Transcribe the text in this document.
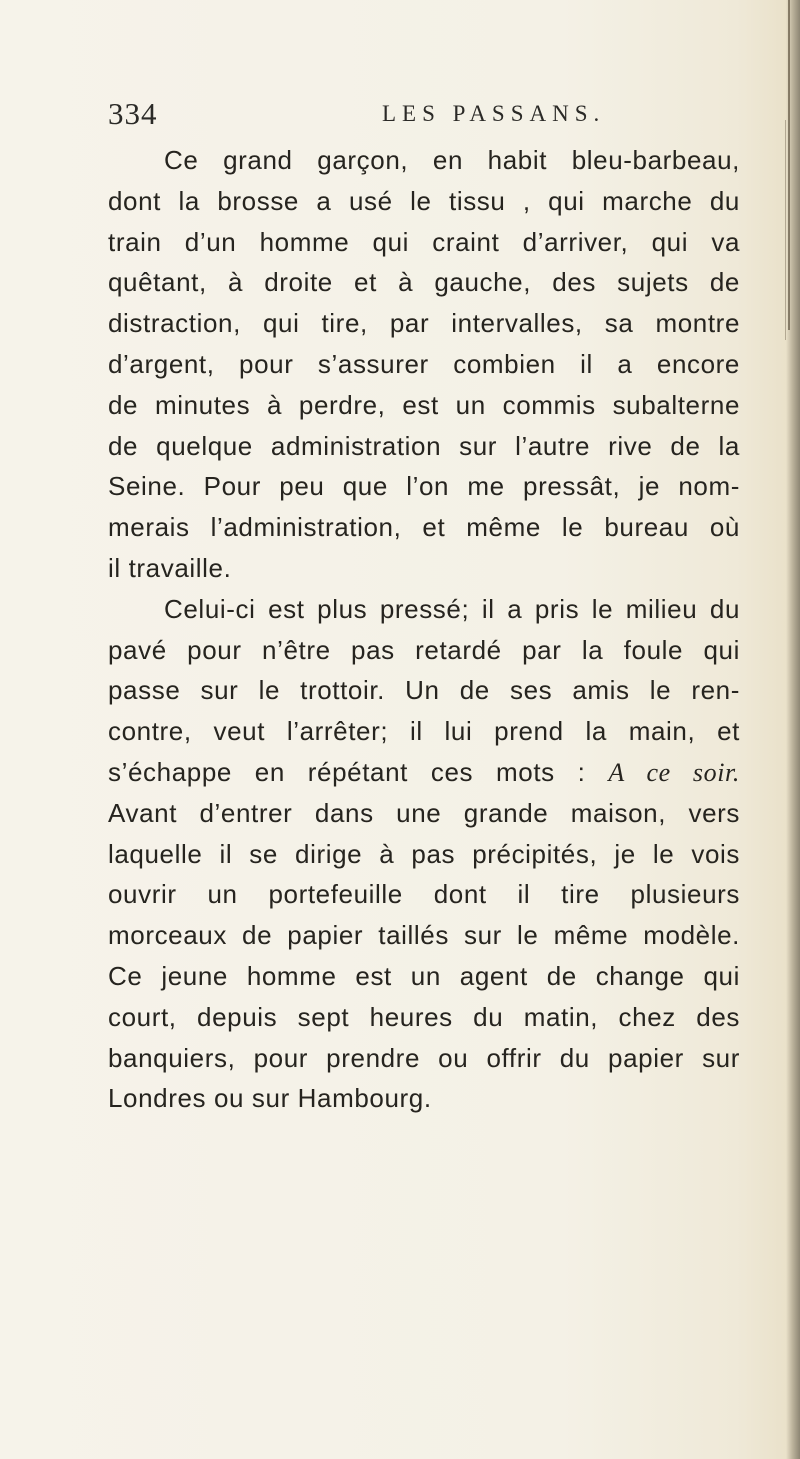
334	LES PASSANS.
Ce grand garçon, en habit bleu-barbeau,
dont la brosse a usé le tissu , qui marche du
train d’un homme qui craint d’arriver, qui va
quêtant, à droite et à gauche, des sujets de
distraction, qui tire, par intervalles, sa montre
d’argent, pour s’assurer combien il a encore
de minutes à perdre, est un commis subalterne
de quelque administration sur l’autre rive de la
Seine. Pour peu que l’on me pressât, je nom-
merais l’administration, et même le bureau où
il travaille.
Celui-ci est plus pressé; il a pris le milieu du
pavé pour n’être pas retardé par la foule qui
passe sur le trottoir. Un de ses amis le ren-
contre, veut l’arrêter; il lui prend la main, et
s’échappe en répétant ces mots : A ce soir.
Avant d’entrer dans une grande maison, vers
laquelle il se dirige à pas précipités, je le vois
ouvrir un portefeuille dont il tire plusieurs
morceaux de papier taillés sur le même modèle.
Ce jeune homme est un agent de change qui
court, depuis sept heures du matin, chez des
banquiers, pour prendre ou offrir du papier sur
Londres ou sur Hambourg.
